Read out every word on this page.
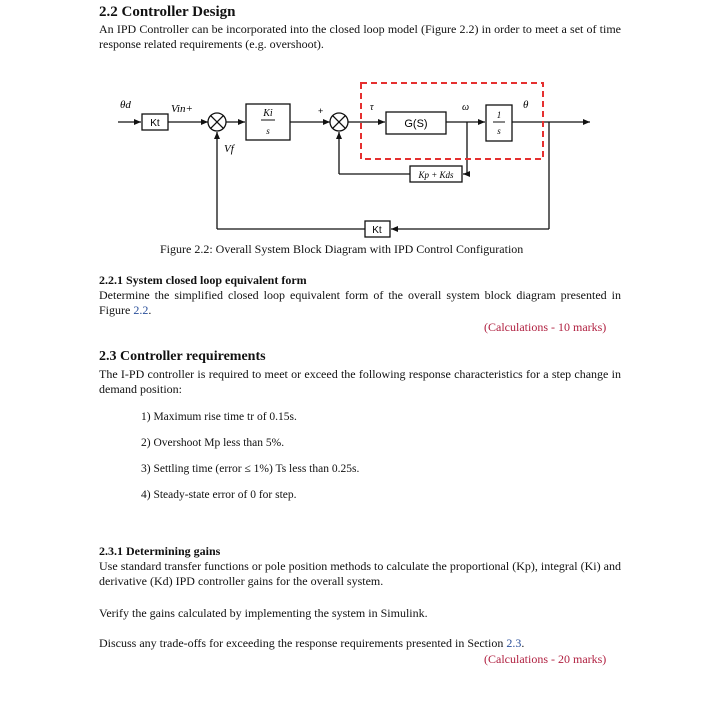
2.2 Controller Design
An IPD Controller can be incorporated into the closed loop model (Figure 2.2) in order to meet a set of time response related requirements (e.g. overshoot).
θd
Kt
Vin+	Ki
s
Vf
+	τ
G(S)
ω	θ
1
s
Kp + Kds
Kt
Figure 2.2: Overall System Block Diagram with IPD Control Configuration
2.2.1 System closed loop equivalent form
Determine the simplified closed loop equivalent form of the overall system block diagram presented in Figure 2.2.
(Calculations - 10 marks)
2.3 Controller requirements
The I-PD controller is required to meet or exceed the following response characteristics for a step change in demand position:
1) Maximum rise time tr of 0.15s.
2) Overshoot Mp less than 5%.
3) Settling time (error ≤ 1%) Ts less than 0.25s.
4) Steady-state error of 0 for step.
2.3.1 Determining gains
Use standard transfer functions or pole position methods to calculate the proportional (Kp), integral (Ki) and derivative (Kd) IPD controller gains for the overall system.
Verify the gains calculated by implementing the system in Simulink.
Discuss any trade-offs for exceeding the response requirements presented in Section 2.3.
(Calculations - 20 marks)
